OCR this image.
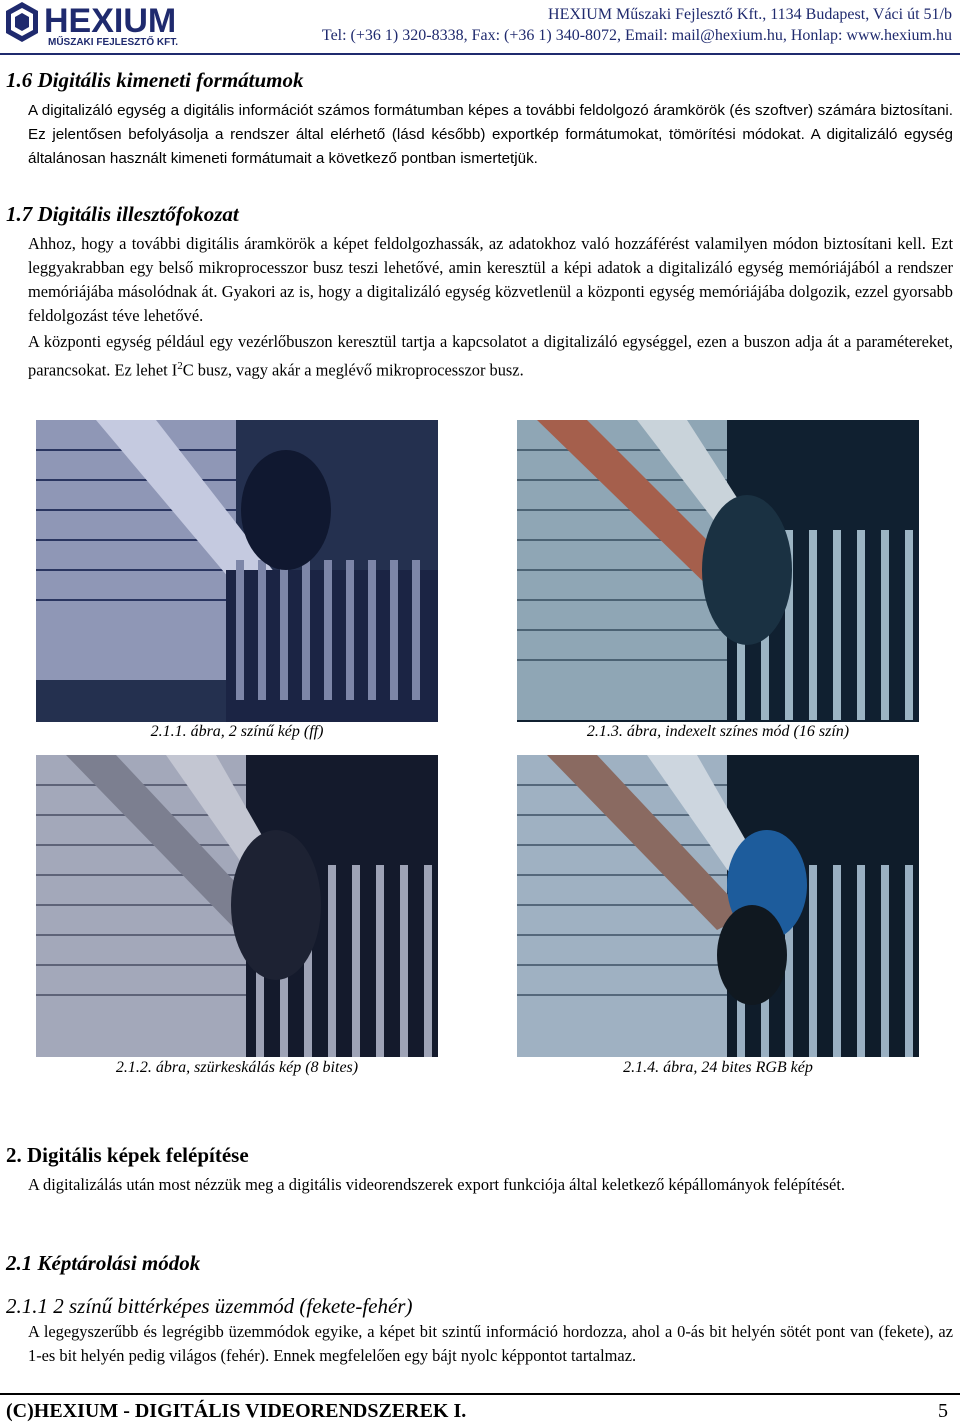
HEXIUM
MŰSZAKI FEJLESZTŐ KFT.
HEXIUM Műszaki Fejlesztő Kft., 1134 Budapest, Váci út 51/b
Tel: (+36 1) 320-8338, Fax: (+36 1) 340-8072, Email: mail@hexium.hu, Honlap: www.hexium.hu
1.6 Digitális kimeneti formátumok

A digitalizáló egység a digitális információt számos formátumban képes a további feldolgozó áramkörök (és szoftver) számára biztosítani. Ez jelentősen befolyásolja a rendszer által elérhető (lásd később) exportkép formátumokat, tömörítési módokat. A digitalizáló egység általánosan használt kimeneti formátumait a következő pontban ismertetjük.

1.7 Digitális illesztőfokozat

Ahhoz, hogy a további digitális áramkörök a képet feldolgozhassák, az adatokhoz való hozzáférést valamilyen módon biztosítani kell. Ezt leggyakrabban egy belső mikroprocesszor busz teszi lehetővé, amin keresztül a képi adatok a digitalizáló egység memóriájából a rendszer memóriájába másolódnak át. Gyakori az is, hogy a digitalizáló egység közvetlenül a központi egység memóriájába dolgozik, ezzel gyorsabb feldolgozást téve lehetővé.

A központi egység például egy vezérlőbuszon keresztül tartja a kapcsolatot a digitalizáló egységgel, ezen a buszon adja át a paramétereket, parancsokat. Ez lehet $I^2C$ busz, vagy akár a meglévő mikroprocesszor busz.

2.1.1. ábra, 2 színű kép (ff)	2.1.3. ábra, indexelt színes mód (16 szín)
2.1.2. ábra, szürkeskálás kép (8 bites)	2.1.4. ábra, 24 bites RGB kép
2. Digitális képek felépítése

A digitalizálás után most nézzük meg a digitális videorendszerek export funkciója által keletkező képállományok felépítését.

2.1 Képtárolási módok
2.1.1 2 színű bittérképes üzemmód (fekete-fehér)

A legegyszerűbb és legrégibb üzemmódok egyike, a képet bit szintű információ hordozza, ahol a 0-ás bit helyén sötét pont van (fekete), az 1-es bit helyén pedig világos (fehér). Ennek megfelelően egy bájt nyolc képpontot tartalmaz.

(C)HEXIUM - DIGITÁLIS VIDEORENDSZEREK I.	5
